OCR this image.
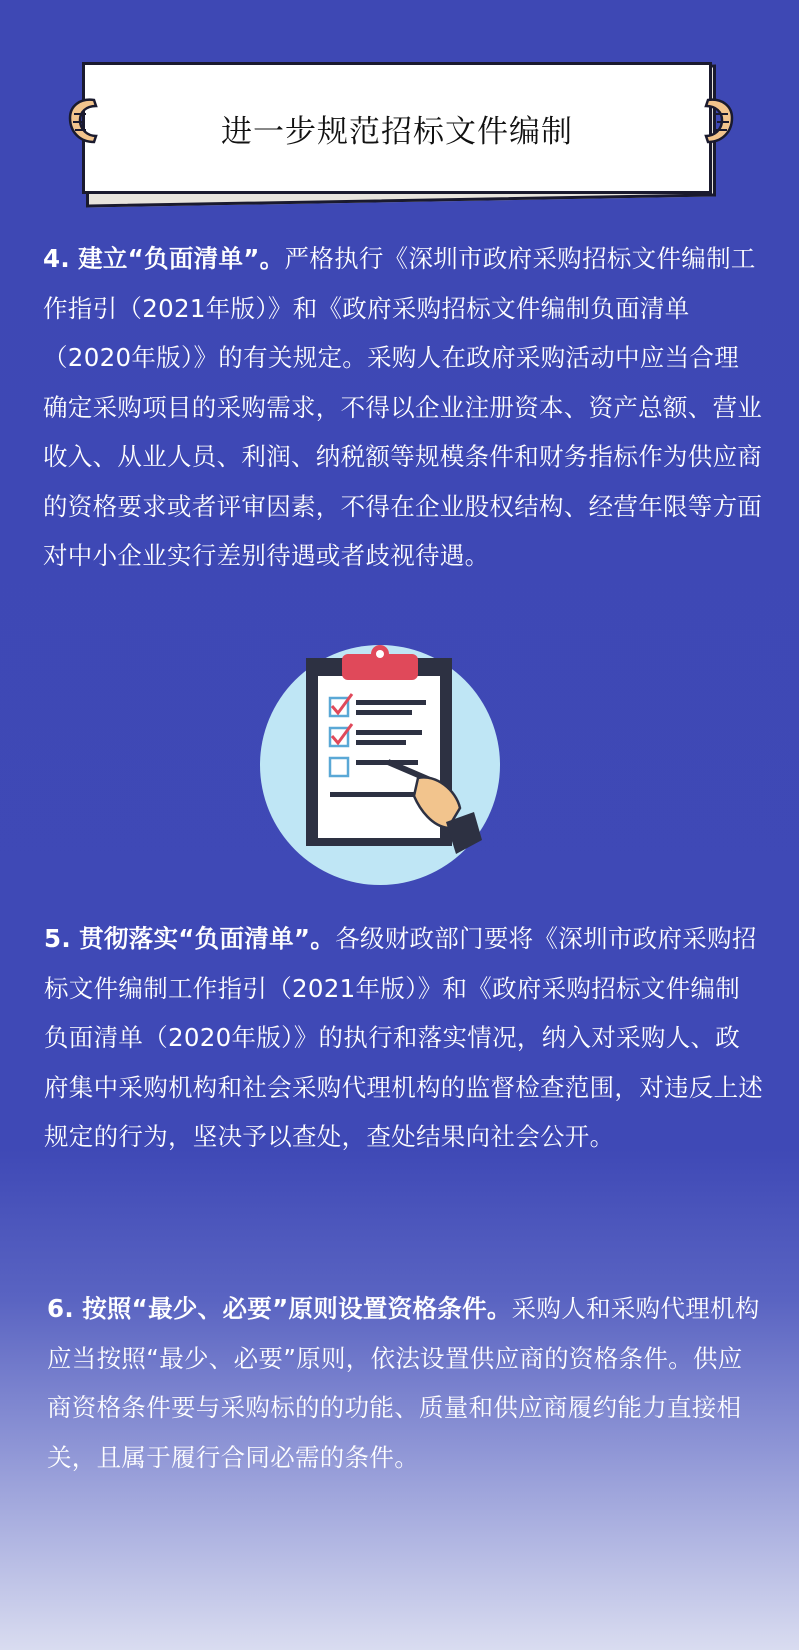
进一步规范招标文件编制

4. 建立“负面清单”。严格执行《深圳市政府采购招标文件编制工作指引（2021年版）》和《政府采购招标文件编制负面清单（2020年版）》的有关规定。采购人在政府采购活动中应当合理确定采购项目的采购需求，不得以企业注册资本、资产总额、营业收入、从业人员、利润、纳税额等规模条件和财务指标作为供应商的资格要求或者评审因素，不得在企业股权结构、经营年限等方面对中小企业实行差别待遇或者歧视待遇。

5. 贯彻落实“负面清单”。各级财政部门要将《深圳市政府采购招标文件编制工作指引（2021年版）》和《政府采购招标文件编制负面清单（2020年版）》的执行和落实情况，纳入对采购人、政府集中采购机构和社会采购代理机构的监督检查范围，对违反上述规定的行为，坚决予以查处，查处结果向社会公开。

6. 按照“最少、必要”原则设置资格条件。采购人和采购代理机构应当按照“最少、必要”原则，依法设置供应商的资格条件。供应商资格条件要与采购标的的功能、质量和供应商履约能力直接相关，且属于履行合同必需的条件。
